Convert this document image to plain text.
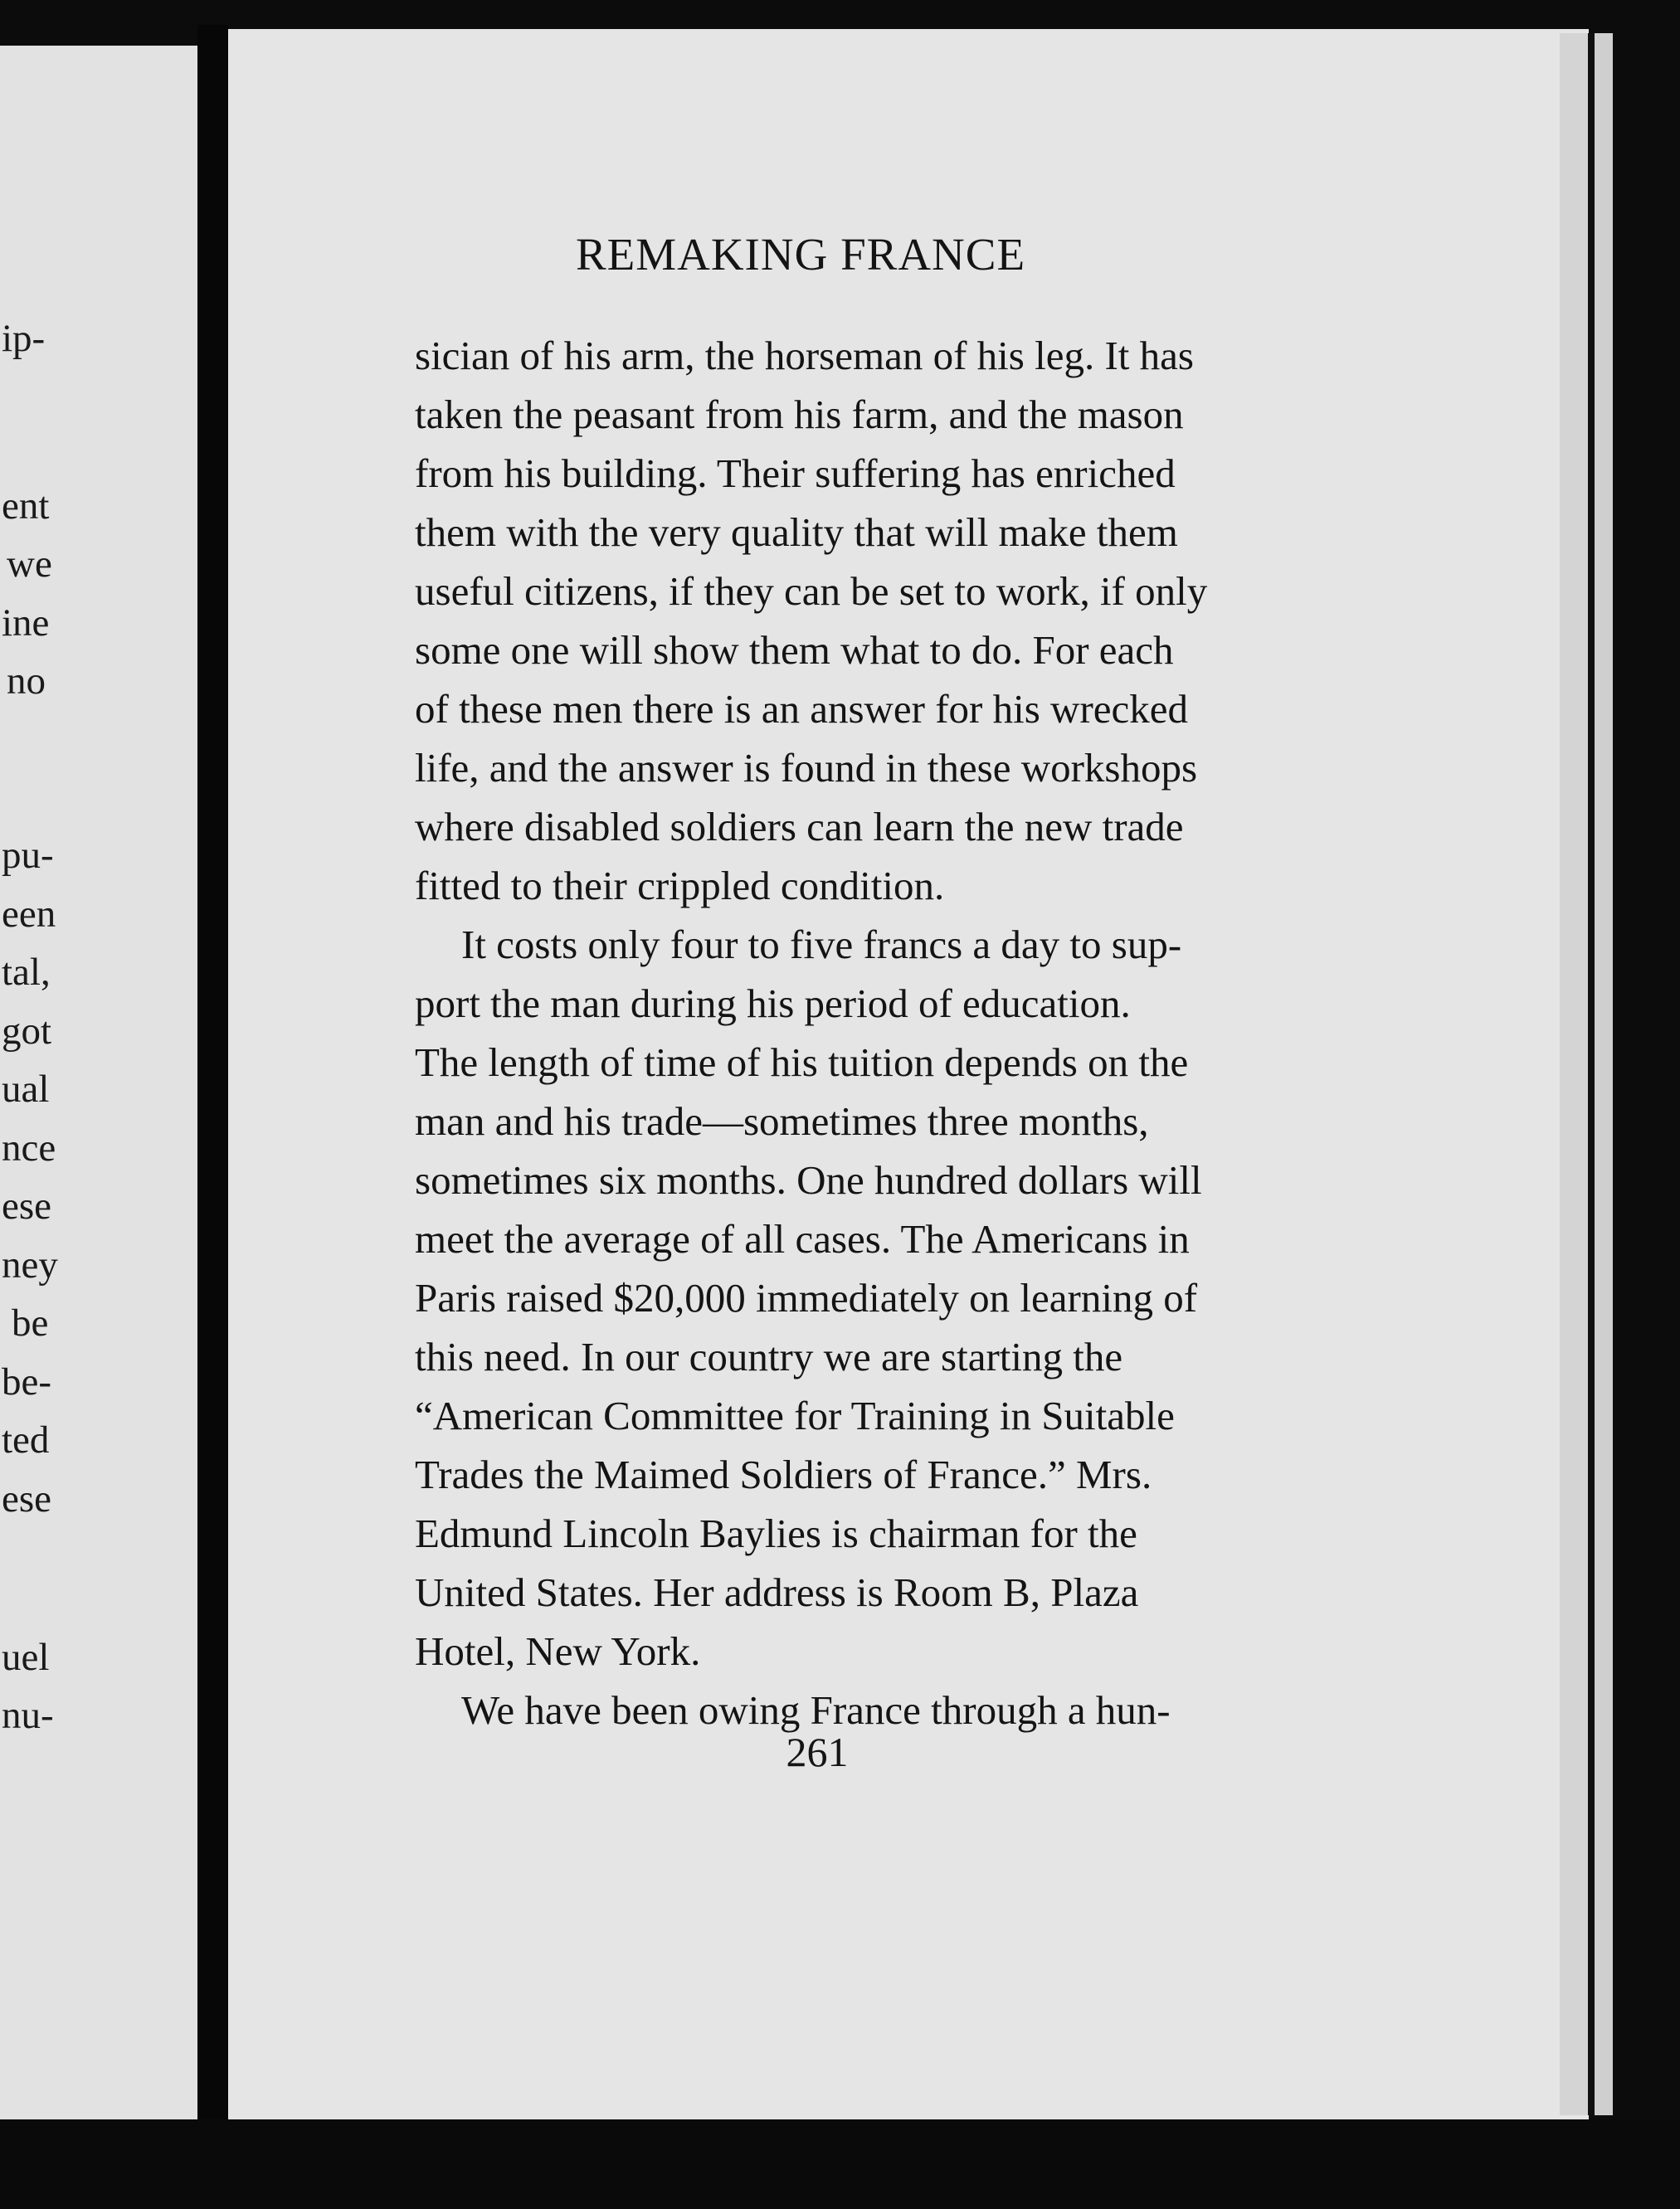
ip-
ent
we
ine
no
pu-
een
tal,
got
ual
nce
ese
ney
be
be-
ted
ese
uel
nu-
REMAKING FRANCE
sician of his arm, the horseman of his leg. It has
taken the peasant from his farm, and the mason
from his building. Their suffering has enriched
them with the very quality that will make them
useful citizens, if they can be set to work, if only
some one will show them what to do. For each
of these men there is an answer for his wrecked
life, and the answer is found in these workshops
where disabled soldiers can learn the new trade
fitted to their crippled condition.
It costs only four to five francs a day to sup-
port the man during his period of education.
The length of time of his tuition depends on the
man and his trade—sometimes three months,
sometimes six months. One hundred dollars will
meet the average of all cases. The Americans in
Paris raised $20,000 immediately on learning of
this need. In our country we are starting the
“American Committee for Training in Suitable
Trades the Maimed Soldiers of France.” Mrs.
Edmund Lincoln Baylies is chairman for the
United States. Her address is Room B, Plaza
Hotel, New York.
We have been owing France through a hun-
261
